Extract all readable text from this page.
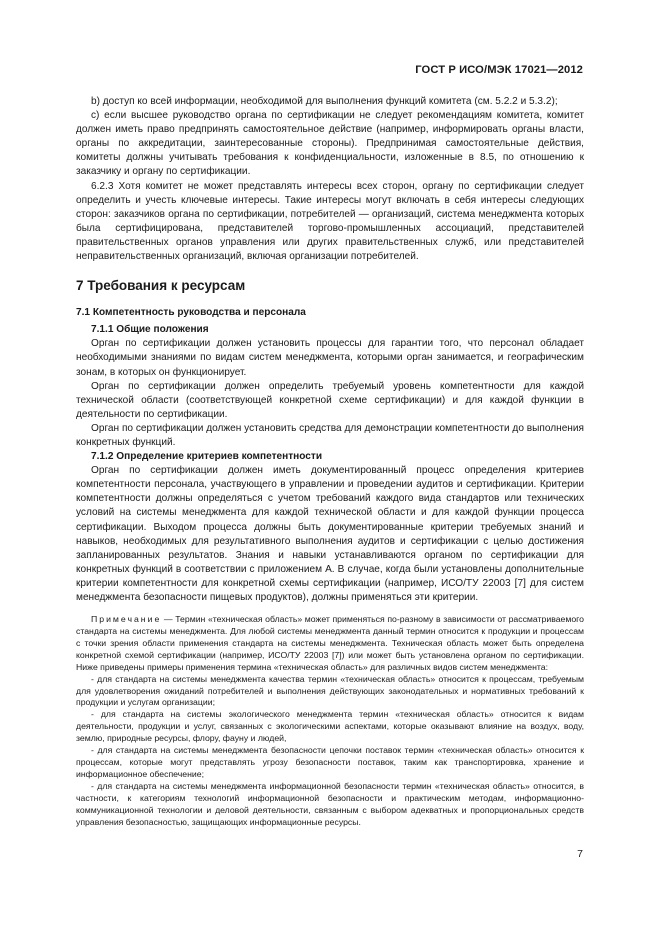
ГОСТ Р ИСО/МЭК 17021—2012

b) доступ ко всей информации, необходимой для выполнения функций комитета (см. 5.2.2 и 5.3.2);

c) если высшее руководство органа по сертификации не следует рекомендациям комитета, комитет должен иметь право предпринять самостоятельное действие (например, информировать органы власти, органы по аккредитации, заинтересованные стороны). Предпринимая самостоятельные действия, комитеты должны учитывать требования к конфиденциальности, изложенные в 8.5, по отношению к заказчику и органу по сертификации.

6.2.3 Хотя комитет не может представлять интересы всех сторон, органу по сертификации следует определить и учесть ключевые интересы. Такие интересы могут включать в себя интересы следующих сторон: заказчиков органа по сертификации, потребителей — организаций, система менеджмента которых была сертифицирована, представителей торгово-промышленных ассоциаций, представителей правительственных органов управления или других правительственных служб, или представителей неправительственных организаций, включая организации потребителей.

7 Требования к ресурсам
7.1 Компетентность руководства и персонала
7.1.1 Общие положения

Орган по сертификации должен установить процессы для гарантии того, что персонал обладает необходимыми знаниями по видам систем менеджмента, которыми орган занимается, и географическим зонам, в которых он функционирует.

Орган по сертификации должен определить требуемый уровень компетентности для каждой технической области (соответствующей конкретной схеме сертификации) и для каждой функции в деятельности по сертификации.

Орган по сертификации должен установить средства для демонстрации компетентности до выполнения конкретных функций.

7.1.2 Определение критериев компетентности

Орган по сертификации должен иметь документированный процесс определения критериев компетентности персонала, участвующего в управлении и проведении аудитов и сертификации. Критерии компетентности должны определяться с учетом требований каждого вида стандартов или технических условий на системы менеджмента для каждой технической области и для каждой функции процесса сертификации. Выходом процесса должны быть документированные критерии требуемых знаний и навыков, необходимых для результативного выполнения аудитов и сертификации с целью достижения запланированных результатов. Знания и навыки устанавливаются органом по сертификации для конкретных функций в соответствии с приложением А. В случае, когда были установлены дополнительные критерии компетентности для конкретной схемы сертификации (например, ИСО/ТУ 22003 [7] для систем менеджмента безопасности пищевых продуктов), должны применяться эти критерии.

Примечание — Термин «техническая область» может применяться по-разному в зависимости от рассматриваемого стандарта на системы менеджмента. Для любой системы менеджмента данный термин относится к продукции и процессам с точки зрения области применения стандарта на системы менеджмента. Техническая область может быть определена конкретной схемой сертификации (например, ИСО/ТУ 22003 [7]) или может быть установлена органом по сертификации. Ниже приведены примеры применения термина «техническая область» для различных видов систем менеджмента:

- для стандарта на системы менеджмента качества термин «техническая область» относится к процессам, требуемым для удовлетворения ожиданий потребителей и выполнения действующих законодательных и нормативных требований к продукции и услугам организации;

- для стандарта на системы экологического менеджмента термин «техническая область» относится к видам деятельности, продукции и услуг, связанных с экологическими аспектами, которые оказывают влияние на воздух, воду, землю, природные ресурсы, флору, фауну и людей,

- для стандарта на системы менеджмента безопасности цепочки поставок термин «техническая область» относится к процессам, которые могут представлять угрозу безопасности поставок, таким как транспортировка, хранение и информационное обеспечение;

- для стандарта на системы менеджмента информационной безопасности термин «техническая область» относится, в частности, к категориям технологий информационной безопасности и практическим методам, информационно-коммуникационной технологии и деловой деятельности, связанным с выбором адекватных и пропорциональных средств управления безопасностью, защищающих информационные ресурсы.

7
